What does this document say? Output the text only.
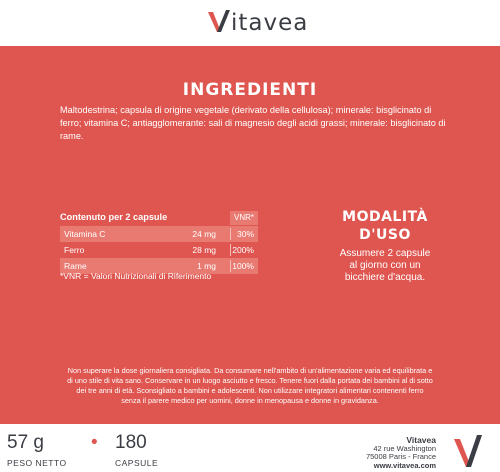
itavea
INGREDIENTI
Maltodestrina; capsula di origine vegetale (derivato della cellulosa); minerale: bisglicinato di ferro; vitamina C; antiagglomerante: sali di magnesio degli acidi grassi; minerale: bisglicinato di rame.
Contenuto per 2 capsule	VNR*
Vitamina C	24 mg 30%
Ferro	28 mg 200%
Rame	1 mg 100%
*VNR = Valori Nutrizionali di Riferimento
MODALITÀ
D'USO
Assumere 2 capsule
al giorno con un
bicchiere d'acqua.
Non superare la dose giornaliera consigliata. Da consumare nell'ambito di un'alimentazione varia ed equilibrata e
di uno stile di vita sano. Conservare in un luogo asciutto e fresco. Tenere fuori dalla portata dei bambini al di sotto
dei tre anni di età. Sconsigliato a bambini e adolescenti. Non utilizzare integratori alimentari contenenti ferro
senza il parere medico per uomini, donne in menopausa e donne in gravidanza.
57 g
PESO NETTO
• 180
CAPSULE
Vitavea
42 rue Washington
75008 Paris - France
www.vitavea.com
